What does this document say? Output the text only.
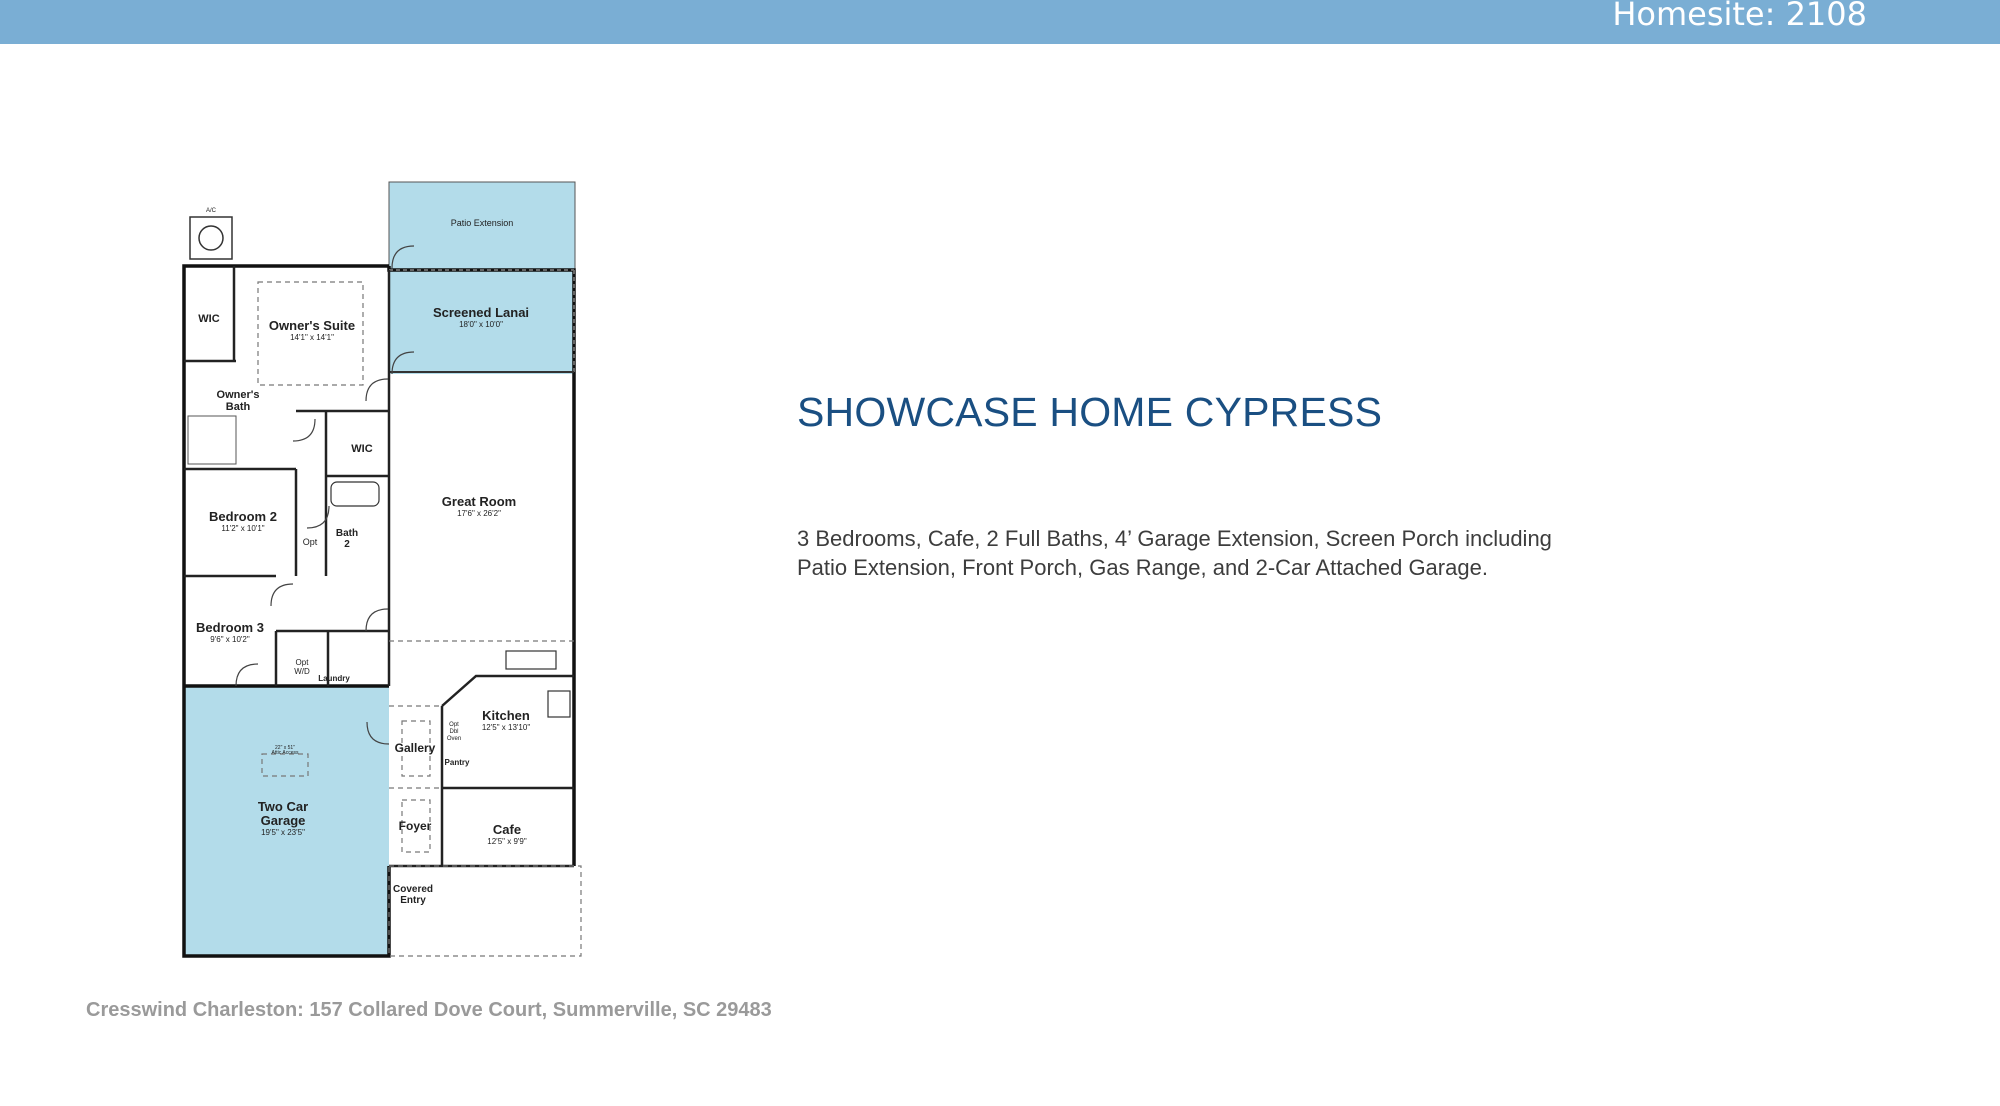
Homesite: 2108
A/C
Patio Extension
Screened Lanai
18'0" x 10'0"
WIC	Owner's Suite
14'1" x 14'1"
Owner's
Bath
WIC
Great Room
17'6" x 26'2"
Bedroom 2
11'2" x 10'1"	Bath
2
Opt
Bedroom 3
9'6" x 10'2"
Opt
W/D
Laundry
Kitchen
12'5" x 13'10"
Opt
Dbl
Oven
Gallery
Pantry
22" x 51"
Attic Access
Two Car
Garage
19'5" x 23'5"	Foyer	Cafe
12'5" x 9'9"
Covered
Entry
SHOWCASE HOME CYPRESS
3 Bedrooms, Cafe, 2 Full Baths, 4’ Garage Extension, Screen Porch including Patio Extension, Front Porch, Gas Range, and 2-Car Attached Garage.
Cresswind Charleston: 157 Collared Dove Court, Summerville, SC 29483
